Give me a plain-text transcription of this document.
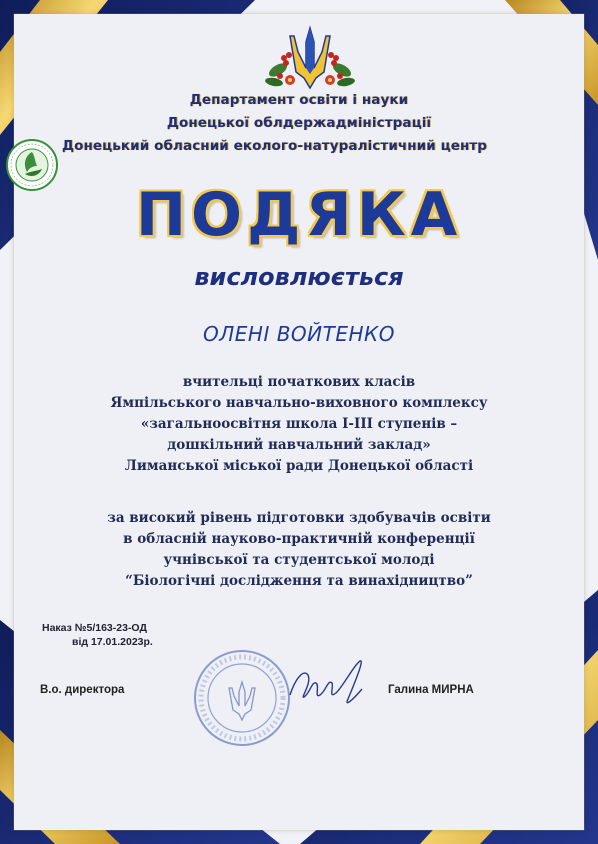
Департамент освіти і науки
Донецької облдержадміністрації
Донецький обласний еколого-натуралістичний центр
ПОДЯКА
висловлюється
ОЛЕНІ ВОЙТЕНКО
вчительці початкових класів
Ямпільського навчально-виховного комплексу
«загальноосвітня школа І-ІІІ ступенів –
дошкільний навчальний заклад»
Лиманської міської ради Донецької області
за високий рівень підготовки здобувачів освіти
в обласній науково-практичній конференції
учнівської та студентської молоді
“Біологічні дослідження та винахідництво”
Наказ №5/163-23-ОД
від 17.01.2023р.
В.о. директора	Галина МИРНА
